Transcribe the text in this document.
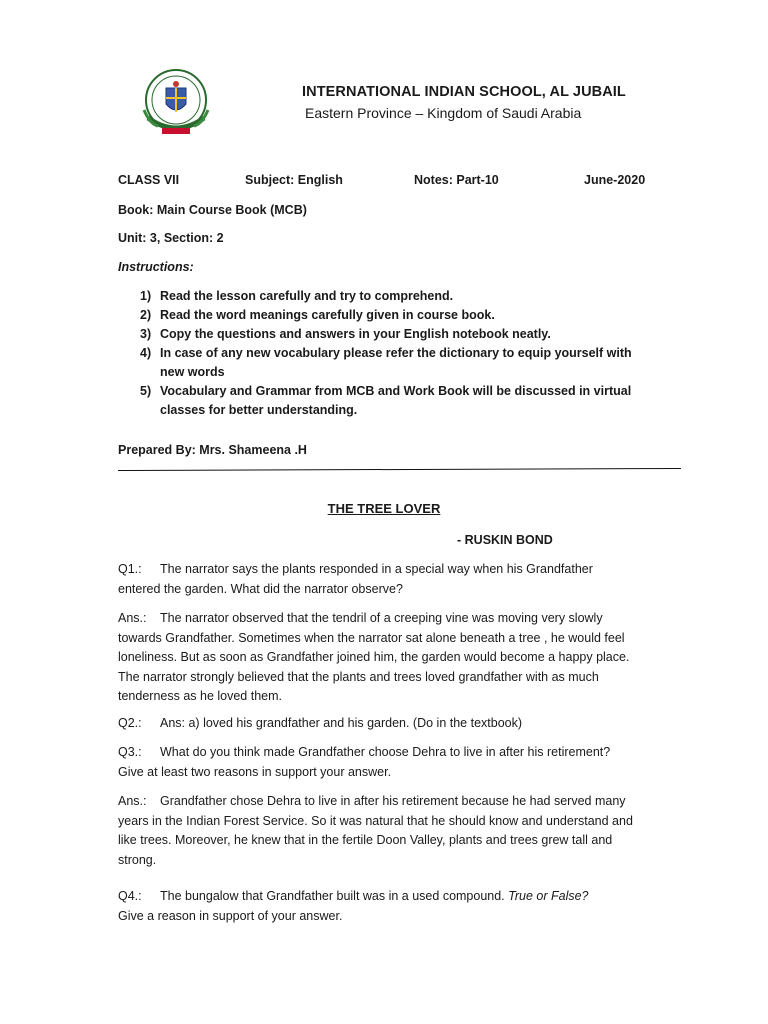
INTERNATIONAL INDIAN SCHOOL, AL JUBAIL
Eastern Province – Kingdom of Saudi Arabia
CLASS VII	Subject: English	Notes: Part-10	June-2020
Book: Main Course Book (MCB)
Unit: 3, Section: 2
Instructions:
1) Read the lesson carefully and try to comprehend.
2) Read the word meanings carefully given in course book.
3) Copy the questions and answers in your English notebook neatly.
4) In case of any new vocabulary please refer the dictionary to equip yourself with new words
5) Vocabulary and Grammar from MCB and Work Book will be discussed in virtual classes for better understanding.
Prepared By: Mrs. Shameena .H
THE TREE LOVER
- RUSKIN BOND
Q1.: The narrator says the plants responded in a special way when his Grandfather entered the garden. What did the narrator observe?
Ans.: The narrator observed that the tendril of a creeping vine was moving very slowly towards Grandfather. Sometimes when the narrator sat alone beneath a tree , he would feel loneliness. But as soon as Grandfather joined him, the garden would become a happy place. The narrator strongly believed that the plants and trees loved grandfather with as much tenderness as he loved them.
Q2.: Ans: a) loved his grandfather and his garden. (Do in the textbook)
Q3.: What do you think made Grandfather choose Dehra to live in after his retirement? Give at least two reasons in support your answer.
Ans.: Grandfather chose Dehra to live in after his retirement because he had served many years in the Indian Forest Service. So it was natural that he should know and understand and like trees. Moreover, he knew that in the fertile Doon Valley, plants and trees grew tall and strong.
Q4.: The bungalow that Grandfather built was in a used compound. True or False?
Give a reason in support of your answer.
